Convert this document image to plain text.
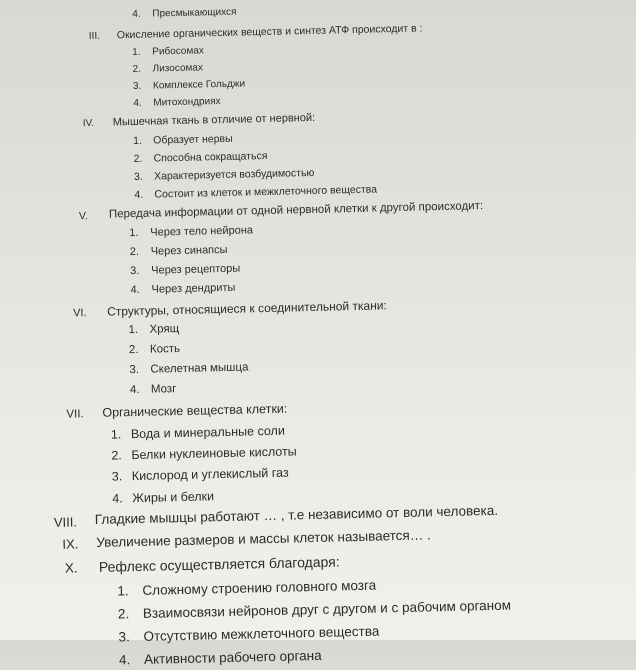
4. Пресмыкающихся
III. Окисление органических веществ и синтез АТФ происходит в :
1. Рибосомах
2. Лизосомах
3. Комплексе Гольджи
4. Митохондриях
IV. Мышечная ткань в отличие от нервной:
1. Образует нервы
2. Способна сокращаться
3. Характеризуется возбудимостью
4. Состоит из клеток и межклеточного вещества
V. Передача информации от одной нервной клетки к другой происходит:
1. Через тело нейрона
2. Через синапсы
3. Через рецепторы
4. Через дендриты
VI. Структуры, относящиеся к соединительной ткани:
1. Хрящ
2. Кость
3. Скелетная мышца
4. Мозг
VII. Органические вещества клетки:
1. Вода и минеральные соли
2. Белки нуклеиновые кислоты
3. Кислород и углекислый газ
4. Жиры и белки
VIII. Гладкие мышцы работают … , т.е независимо от воли человека.
IX. Увеличение размеров и массы клеток называется… .
X. Рефлекс осуществляется благодаря:
1. Сложному строению головного мозга
2. Взаимосвязи нейронов друг с другом и с рабочим органом
3. Отсутствию межклеточного вещества
4. Активности рабочего органа
